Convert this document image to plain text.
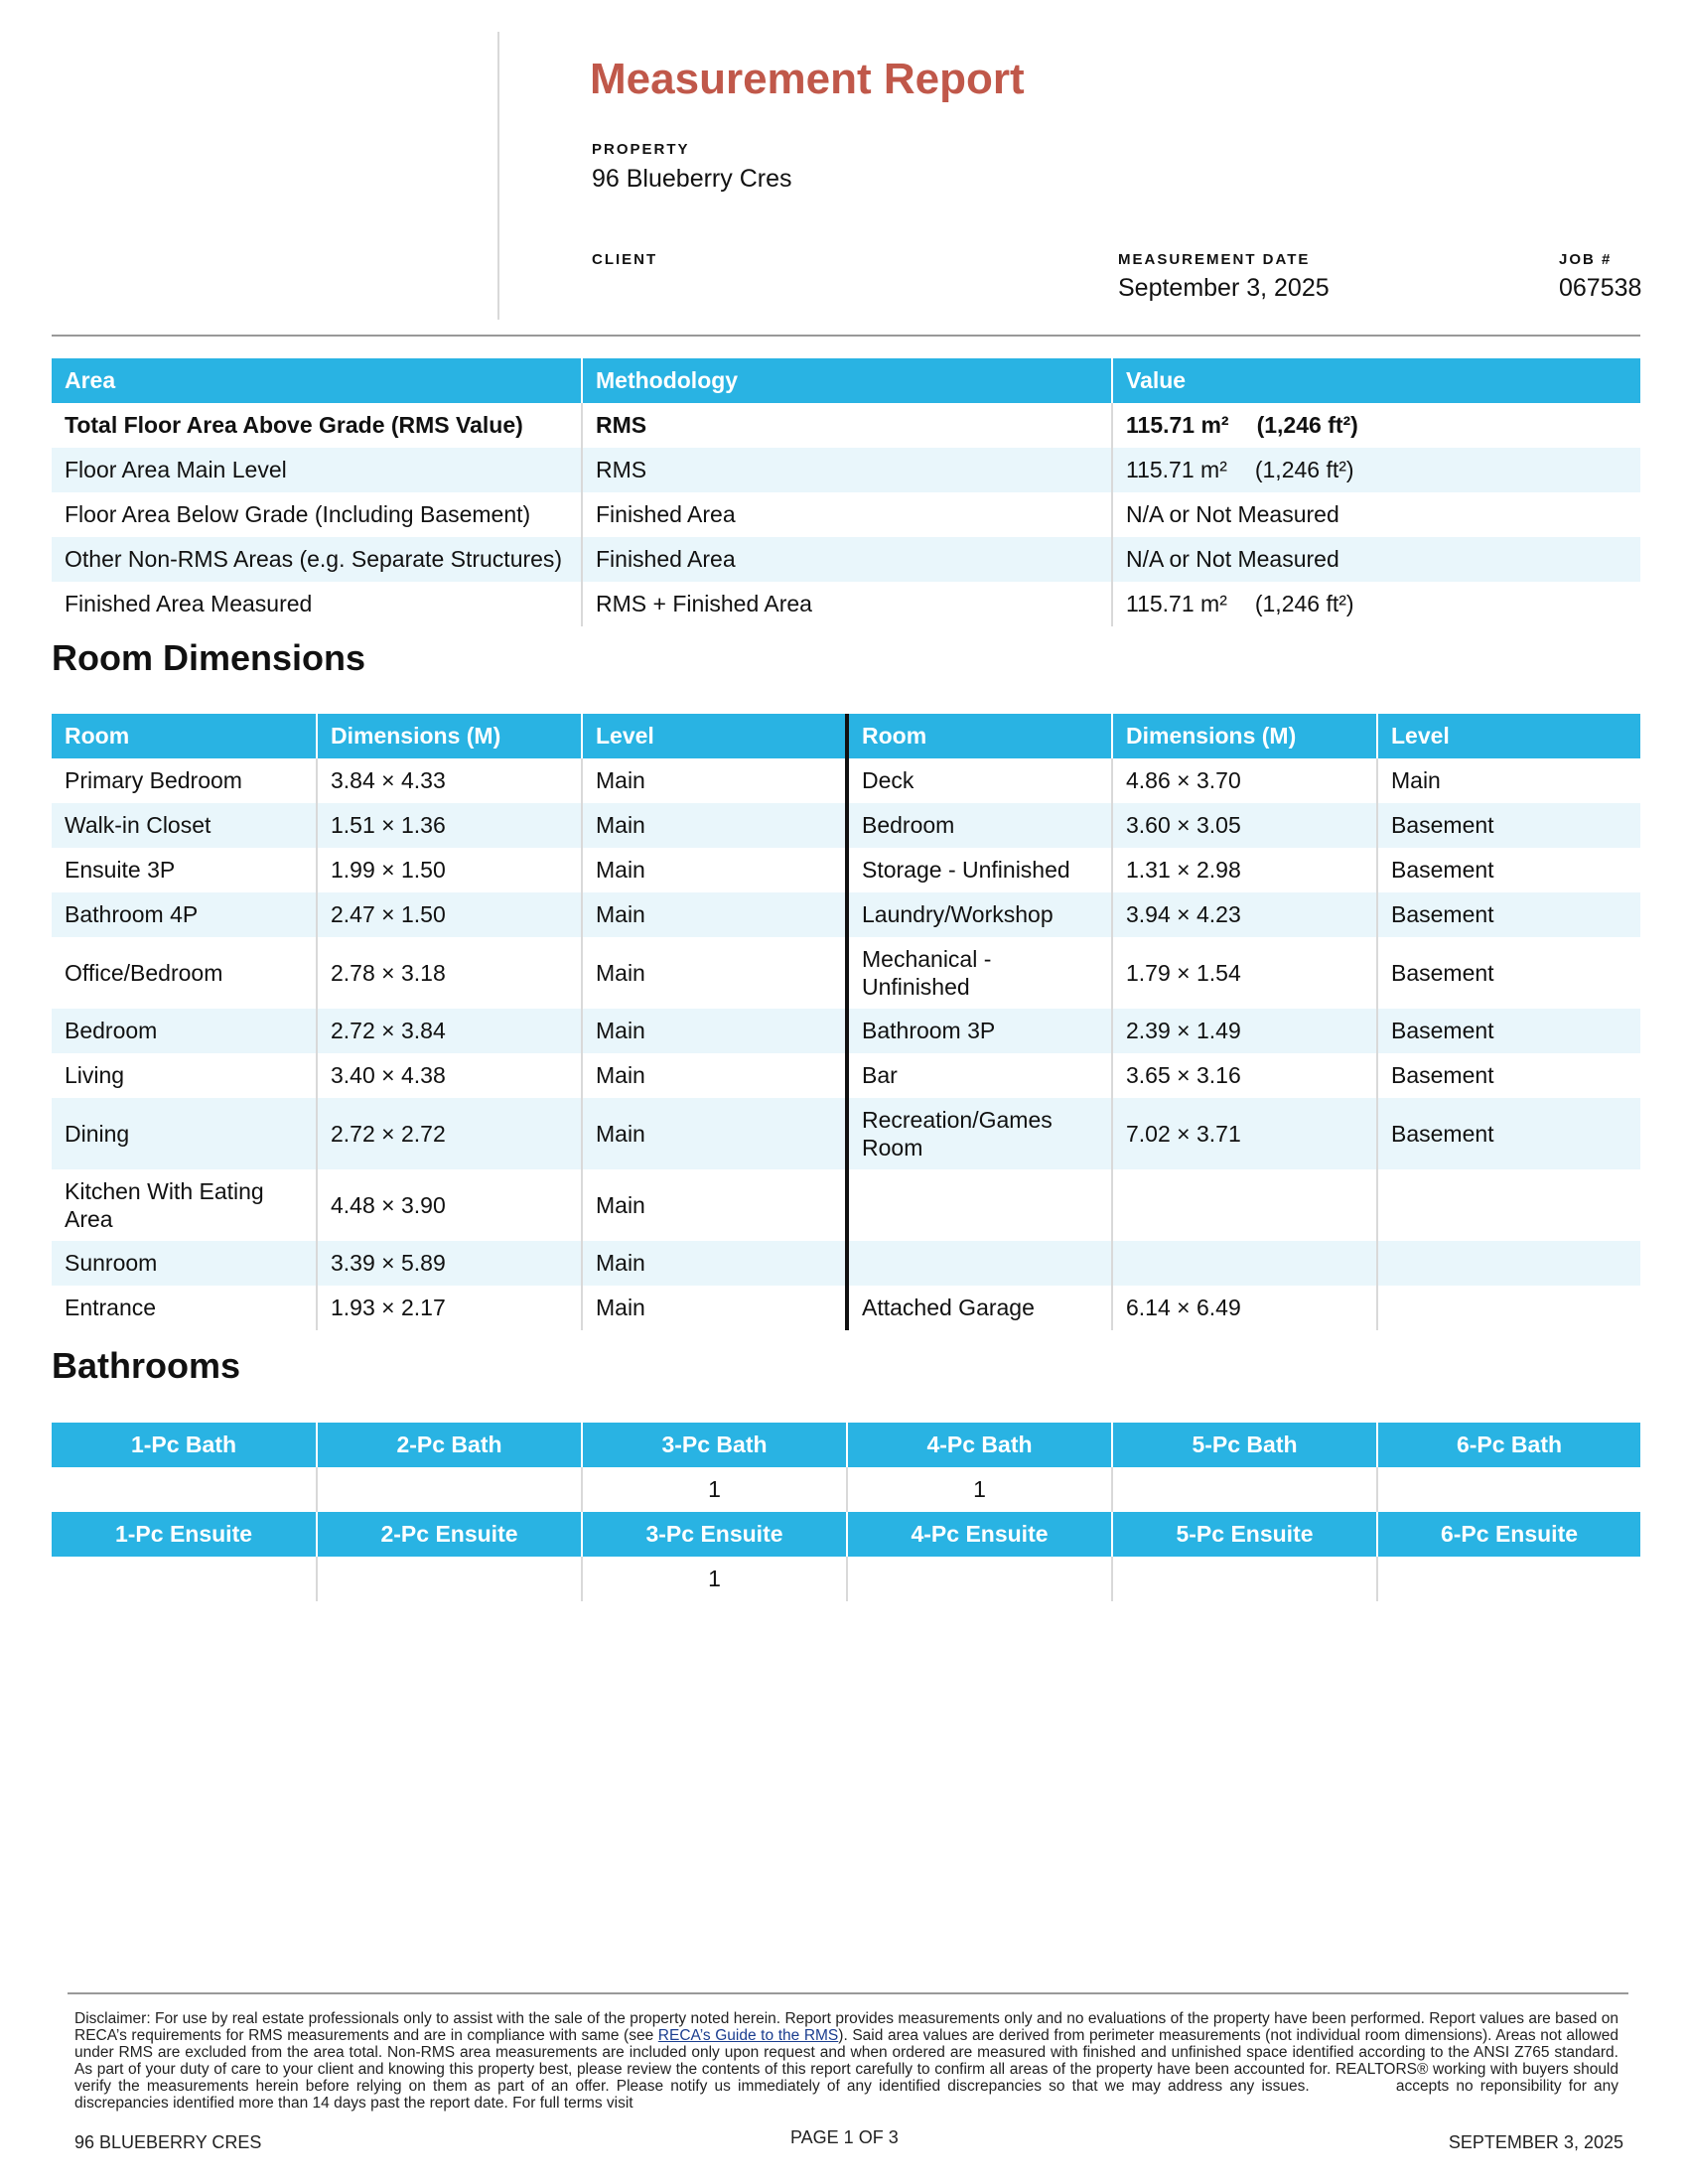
Measurement Report
PROPERTY
96 Blueberry Cres
CLIENT	MEASUREMENT DATE
September 3, 2025
JOB #
067538
Area	Methodology	Value
Total Floor Area Above Grade (RMS Value)	RMS	115.71 m² (1,246 ft²)
Floor Area Main Level	RMS	115.71 m² (1,246 ft²)
Floor Area Below Grade (Including Basement)	Finished Area	N/A or Not Measured
Other Non-RMS Areas (e.g. Separate Structures)	Finished Area	N/A or Not Measured
Finished Area Measured	RMS + Finished Area	115.71 m² (1,246 ft²)
Room Dimensions
Room	Dimensions (M)	Level	Room	Dimensions (M)	Level
Primary Bedroom	3.84 × 4.33	Main	Deck	4.86 × 3.70	Main
Walk-in Closet	1.51 × 1.36	Main	Bedroom	3.60 × 3.05	Basement
Ensuite 3P	1.99 × 1.50	Main	Storage - Unfinished	1.31 × 2.98	Basement
Bathroom 4P	2.47 × 1.50	Main	Laundry/Workshop	3.94 × 4.23	Basement
Office/Bedroom	2.78 × 3.18	Main	Mechanical - Unfinished	1.79 × 1.54	Basement
Bedroom	2.72 × 3.84	Main	Bathroom 3P	2.39 × 1.49	Basement
Living	3.40 × 4.38	Main	Bar	3.65 × 3.16	Basement
Dining	2.72 × 2.72	Main	Recreation/Games Room	7.02 × 3.71	Basement
Kitchen With Eating Area	4.48 × 3.90	Main			
Sunroom	3.39 × 5.89	Main			
Entrance	1.93 × 2.17	Main	Attached Garage	6.14 × 6.49	
Bathrooms
1-Pc Bath	2-Pc Bath	3-Pc Bath	4-Pc Bath	5-Pc Bath	6-Pc Bath
		1	1		
1-Pc Ensuite	2-Pc Ensuite	3-Pc Ensuite	4-Pc Ensuite	5-Pc Ensuite	6-Pc Ensuite
		1			
Disclaimer: For use by real estate professionals only to assist with the sale of the property noted herein. Report provides measurements only and no evaluations of the property have been performed. Report values are based on RECA’s requirements for RMS measurements and are in compliance with same (see RECA’s Guide to the RMS). Said area values are derived from perimeter measurements (not individual room dimensions). Areas not allowed under RMS are excluded from the area total. Non-RMS area measurements are included only upon request and when ordered are measured with finished and unfinished space identified according to the ANSI Z765 standard. As part of your duty of care to your client and knowing this property best, please review the contents of this report carefully to confirm all areas of the property have been accounted for. REALTORS® working with buyers should verify the measurements herein before relying on them as part of an offer. Please notify us immediately of any identified discrepancies so that we may address any issues.	accepts no reponsibility for any discrepancies identified more than 14 days past the report date. For full terms visit
96 BLUEBERRY CRES	PAGE 1 OF 3	SEPTEMBER 3, 2025
